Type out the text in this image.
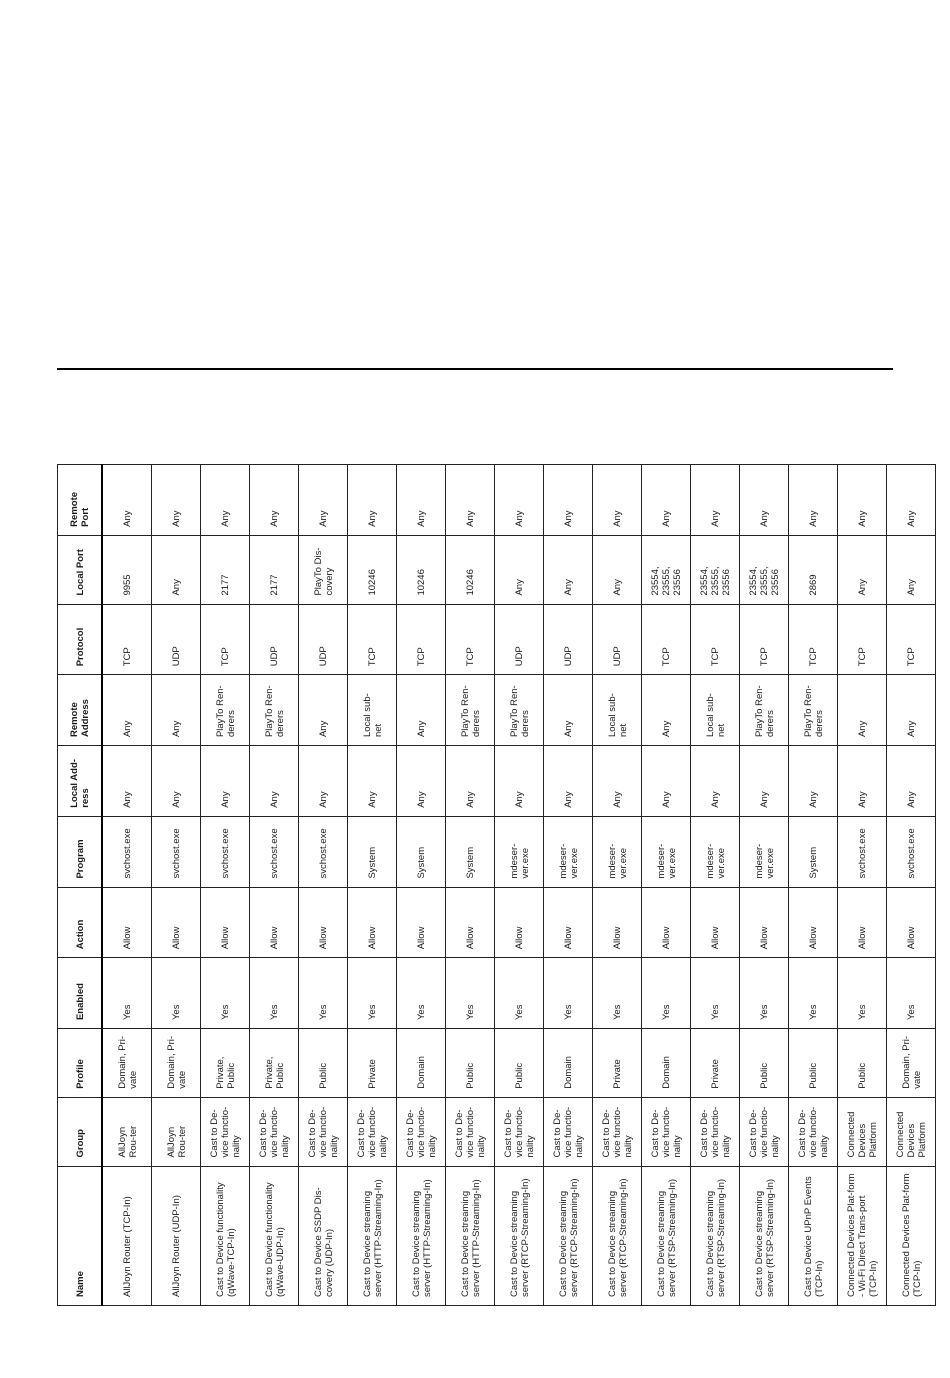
Name	Group	Profile	Enabled	Action	Program	Local Add-ress	Remote Address	Protocol	Local Port	Remote Port
AllJoyn Router (TCP-In)	AllJoyn Rou-ter	Domain, Pri-vate	Yes	Allow	svchost.exe	Any	Any	TCP	9955	Any
AllJoyn Router (UDP-In)	AllJoyn Rou-ter	Domain, Pri-vate	Yes	Allow	svchost.exe	Any	Any	UDP	Any	Any
Cast to Device functionality (qWave-TCP-In)	Cast to De-vice functio-nality	Private, Public	Yes	Allow	svchost.exe	Any	PlayTo Ren-derers	TCP	2177	Any
Cast to Device functionality (qWave-UDP-In)	Cast to De-vice functio-nality	Private, Public	Yes	Allow	svchost.exe	Any	PlayTo Ren-derers	UDP	2177	Any
Cast to Device SSDP Dis-covery (UDP-In)	Cast to De-vice functio-nality	Public	Yes	Allow	svchost.exe	Any	Any	UDP	PlayTo Dis-covery	Any
Cast to Device streaming server (HTTP-Streaming-In)	Cast to De-vice functio-nality	Private	Yes	Allow	System	Any	Local sub-net	TCP	10246	Any
Cast to Device streaming server (HTTP-Streaming-In)	Cast to De-vice functio-nality	Domain	Yes	Allow	System	Any	Any	TCP	10246	Any
Cast to Device streaming server (HTTP-Streaming-In)	Cast to De-vice functio-nality	Public	Yes	Allow	System	Any	PlayTo Ren-derers	TCP	10246	Any
Cast to Device streaming server (RTCP-Streaming-In)	Cast to De-vice functio-nality	Public	Yes	Allow	mdeser-ver.exe	Any	PlayTo Ren-derers	UDP	Any	Any
Cast to Device streaming server (RTCP-Streaming-In)	Cast to De-vice functio-nality	Domain	Yes	Allow	mdeser-ver.exe	Any	Any	UDP	Any	Any
Cast to Device streaming server (RTCP-Streaming-In)	Cast to De-vice functio-nality	Private	Yes	Allow	mdeser-ver.exe	Any	Local sub-net	UDP	Any	Any
Cast to Device streaming server (RTSP-Streaming-In)	Cast to De-vice functio-nality	Domain	Yes	Allow	mdeser-ver.exe	Any	Any	TCP	23554, 23555, 23556	Any
Cast to Device streaming server (RTSP-Streaming-In)	Cast to De-vice functio-nality	Private	Yes	Allow	mdeser-ver.exe	Any	Local sub-net	TCP	23554, 23555, 23556	Any
Cast to Device streaming server (RTSP-Streaming-In)	Cast to De-vice functio-nality	Public	Yes	Allow	mdeser-ver.exe	Any	PlayTo Ren-derers	TCP	23554, 23555, 23556	Any
Cast to Device UPnP Events (TCP-In)	Cast to De-vice functio-nality	Public	Yes	Allow	System	Any	PlayTo Ren-derers	TCP	2869	Any
Connected Devices Plat-form - Wi-Fi Direct Trans-port (TCP-In)	Connected Devices Platform	Public	Yes	Allow	svchost.exe	Any	Any	TCP	Any	Any
Connected Devices Plat-form (TCP-In)	Connected Devices Platform	Domain, Pri-vate	Yes	Allow	svchost.exe	Any	Any	TCP	Any	Any
